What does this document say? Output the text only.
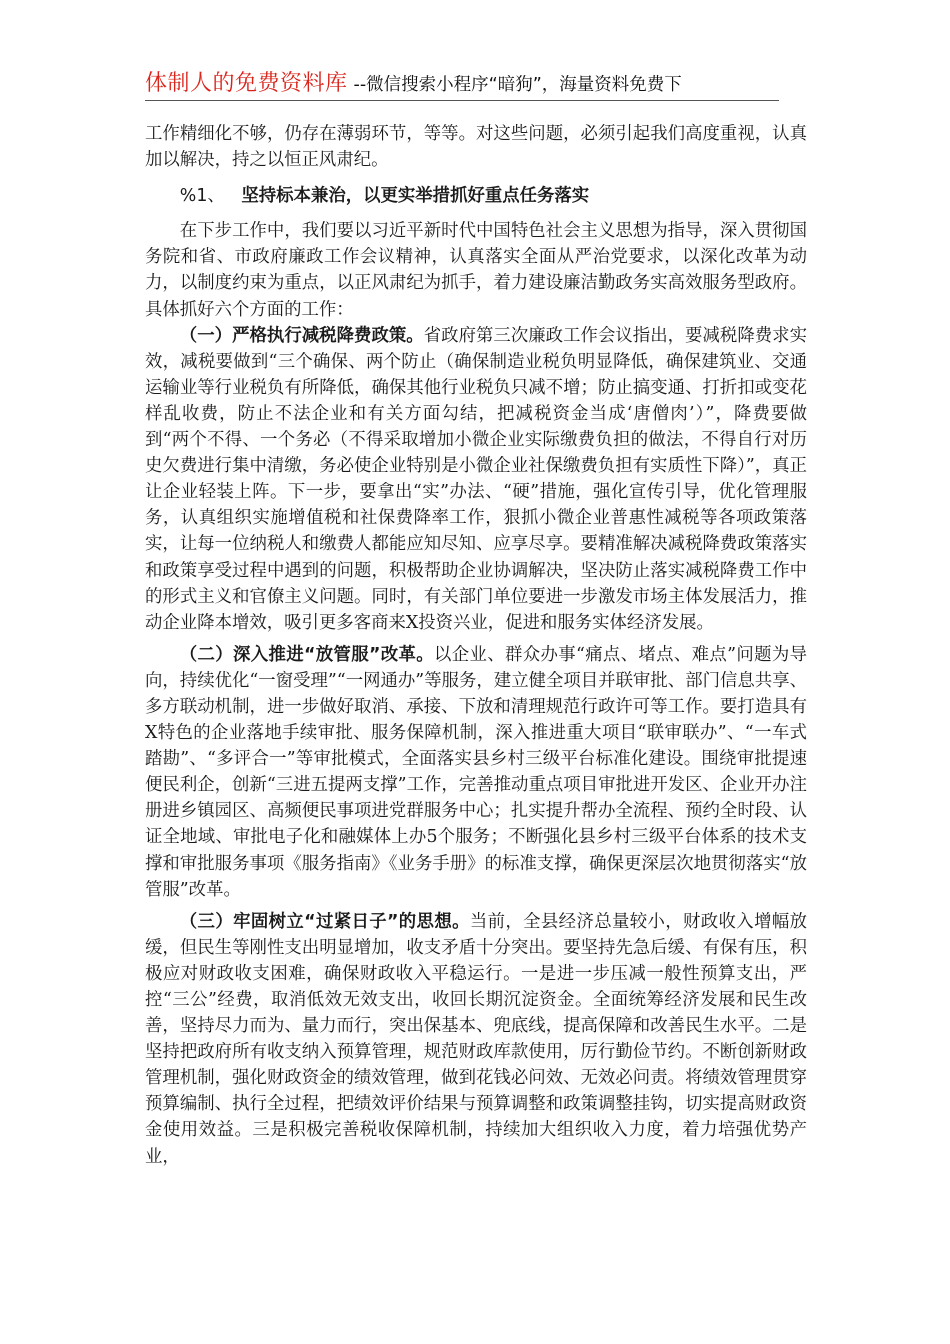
体制人的免费资料库 --微信搜索小程序“暗狗”，海量资料免费下

工作精细化不够，仍存在薄弱环节，等等。对这些问题，必须引起我们高度重视，认真加以解决，持之以恒正风肃纪。

%1、 坚持标本兼治，以更实举措抓好重点任务落实

在下步工作中，我们要以习近平新时代中国特色社会主义思想为指导，深入贯彻国务院和省、市政府廉政工作会议精神，认真落实全面从严治党要求，以深化改革为动力，以制度约束为重点，以正风肃纪为抓手，着力建设廉洁勤政务实高效服务型政府。具体抓好六个方面的工作：

（一）严格执行减税降费政策。省政府第三次廉政工作会议指出，要减税降费求实效，减税要做到“三个确保、两个防止（确保制造业税负明显降低，确保建筑业、交通运输业等行业税负有所降低，确保其他行业税负只减不增；防止搞变通、打折扣或变花样乱收费，防止不法企业和有关方面勾结，把减税资金当成‘唐僧肉’）”，降费要做到“两个不得、一个务必（不得采取增加小微企业实际缴费负担的做法，不得自行对历史欠费进行集中清缴，务必使企业特别是小微企业社保缴费负担有实质性下降）”，真正让企业轻装上阵。下一步，要拿出“实”办法、“硬”措施，强化宣传引导，优化管理服务，认真组织实施增值税和社保费降率工作，狠抓小微企业普惠性减税等各项政策落实，让每一位纳税人和缴费人都能应知尽知、应享尽享。要精准解决减税降费政策落实和政策享受过程中遇到的问题，积极帮助企业协调解决，坚决防止落实减税降费工作中的形式主义和官僚主义问题。同时，有关部门单位要进一步激发市场主体发展活力，推动企业降本增效，吸引更多客商来X投资兴业，促进和服务实体经济发展。

（二）深入推进“放管服”改革。以企业、群众办事“痛点、堵点、难点”问题为导向，持续优化“一窗受理”“一网通办”等服务，建立健全项目并联审批、部门信息共享、多方联动机制，进一步做好取消、承接、下放和清理规范行政许可等工作。要打造具有X特色的企业落地手续审批、服务保障机制，深入推进重大项目“联审联办”、“一车式踏勘”、“多评合一”等审批模式，全面落实县乡村三级平台标准化建设。围绕审批提速便民利企，创新“三进五提两支撑”工作，完善推动重点项目审批进开发区、企业开办注册进乡镇园区、高频便民事项进党群服务中心；扎实提升帮办全流程、预约全时段、认证全地域、审批电子化和融媒体上办5个服务；不断强化县乡村三级平台体系的技术支撑和审批服务事项《服务指南》《业务手册》的标准支撑，确保更深层次地贯彻落实“放管服”改革。

（三）牢固树立“过紧日子”的思想。当前，全县经济总量较小，财政收入增幅放缓，但民生等刚性支出明显增加，收支矛盾十分突出。要坚持先急后缓、有保有压，积极应对财政收支困难，确保财政收入平稳运行。一是进一步压减一般性预算支出，严控“三公”经费，取消低效无效支出，收回长期沉淀资金。全面统筹经济发展和民生改善，坚持尽力而为、量力而行，突出保基本、兜底线，提高保障和改善民生水平。二是坚持把政府所有收支纳入预算管理，规范财政库款使用，厉行勤俭节约。不断创新财政管理机制，强化财政资金的绩效管理，做到花钱必问效、无效必问责。将绩效管理贯穿预算编制、执行全过程，把绩效评价结果与预算调整和政策调整挂钩，切实提高财政资金使用效益。三是积极完善税收保障机制，持续加大组织收入力度，着力培强优势产业，
